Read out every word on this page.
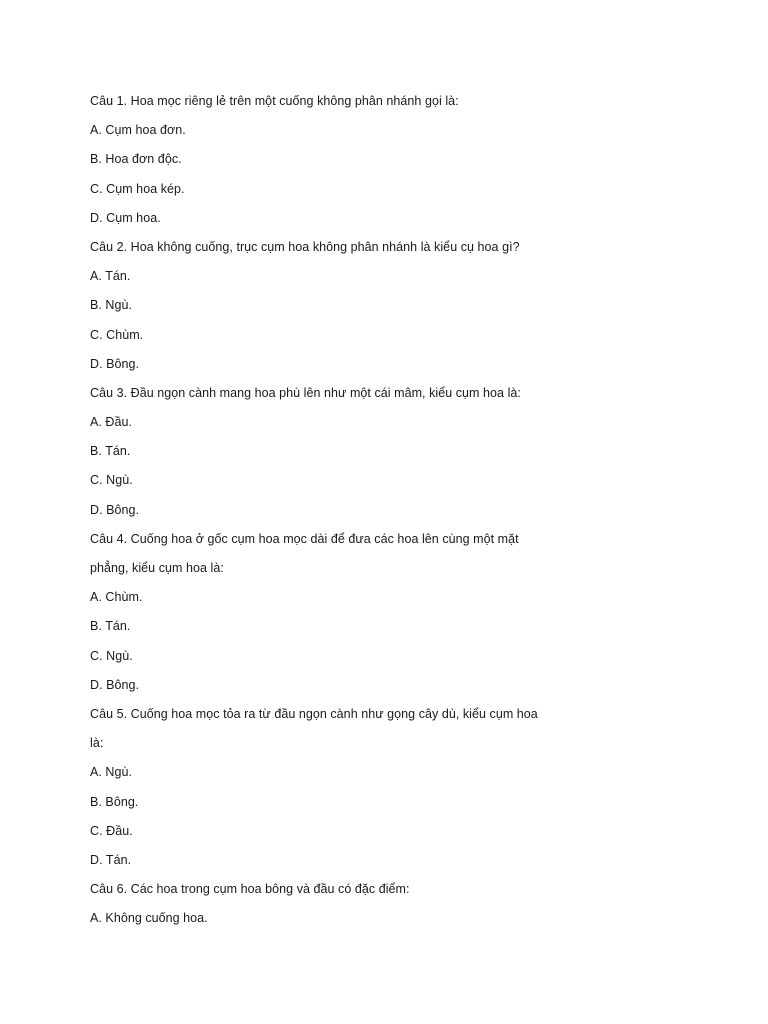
Câu 1. Hoa mọc riêng lẻ trên một cuống không phân nhánh gọi là:
A. Cụm hoa đơn.
B. Hoa đơn độc.
C. Cụm hoa kép.
D. Cụm hoa.
Câu 2. Hoa không cuống, trục cụm hoa không phân nhánh là kiểu cụ hoa gì?
A. Tán.
B. Ngù.
C. Chùm.
D. Bông.
Câu 3. Đầu ngọn cành mang hoa phù lên như một cái mâm, kiểu cụm hoa là:
A. Đầu.
B. Tán.
C. Ngù.
D. Bông.
Câu 4. Cuống hoa ở gốc cụm hoa mọc dài để đưa các hoa lên cùng một mặt
phẳng, kiểu cụm hoa là:
A. Chùm.
B. Tán.
C. Ngù.
D. Bông.
Câu 5. Cuống hoa mọc tỏa ra từ đầu ngọn cành như gọng cây dù, kiểu cụm hoa
là:
A. Ngù.
B. Bông.
C. Đầu.
D. Tán.
Câu 6. Các hoa trong cụm hoa bông và đầu có đặc điểm:
A. Không cuống hoa.
